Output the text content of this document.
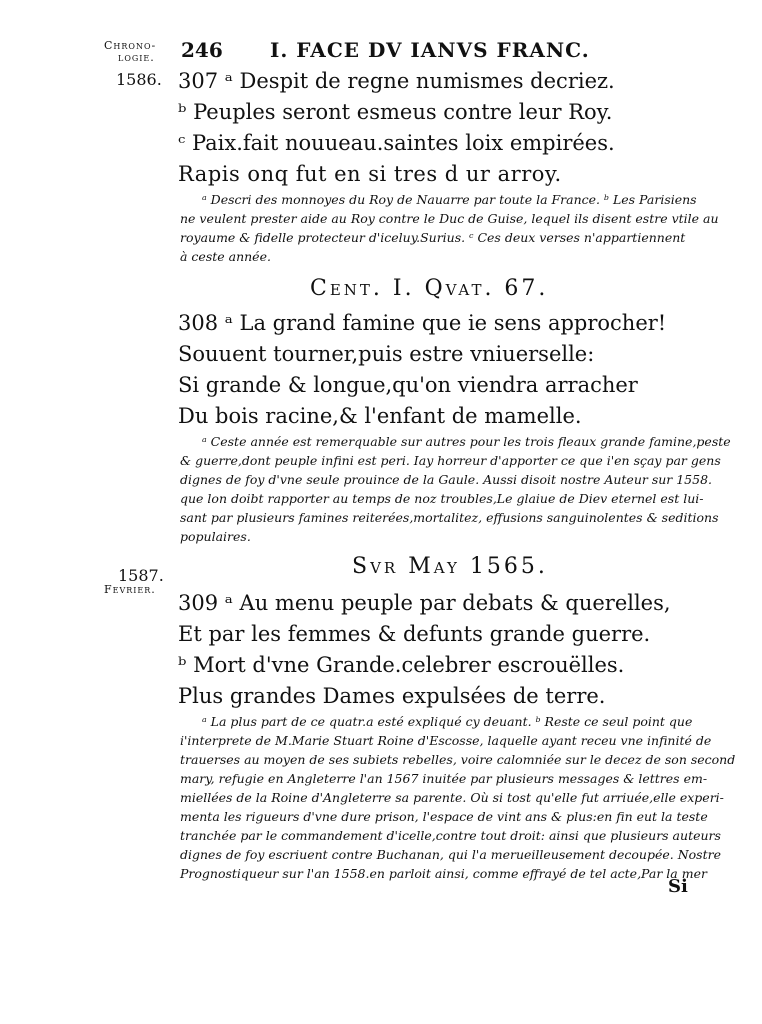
Chrono-
logie.
1586.
1587.
Fevrier.
246 I. FACE DV IANVS FRANC.
307 ᵃ Despit de regne numismes decriez.
ᵇ Peuples seront esmeus contre leur Roy.
ᶜ Paix.fait nouueau.saintes loix empirées.
Rapis onq fut en si tres d ur arroy.
ᵃ Descri des monnoyes du Roy de Nauarre par toute la France. ᵇ Les Parisiens
ne veulent prester aide au Roy contre le Duc de Guise, lequel ils disent estre vtile au
royaume & fidelle protecteur d'iceluy.Surius. ᶜ Ces deux verses n'appartiennent
à ceste année.
Cent. I. Qvat. 67.
308 ᵃ La grand famine que ie sens approcher!
Souuent tourner,puis estre vniuerselle:
Si grande & longue,qu'on viendra arracher
Du bois racine,& l'enfant de mamelle.
ᵃ Ceste année est remerquable sur autres pour les trois fleaux grande famine,peste
& guerre,dont peuple infini est peri. Iay horreur d'apporter ce que i'en sçay par gens
dignes de foy d'vne seule prouince de la Gaule. Aussi disoit nostre Auteur sur 1558.
que lon doibt rapporter au temps de noz troubles,Le glaiue de Diev eternel est lui-
sant par plusieurs famines reiterées,mortalitez, effusions sanguinolentes & seditions
populaires.
Svr May 1565.
309 ᵃ Au menu peuple par debats & querelles,
Et par les femmes & defunts grande guerre.
ᵇ Mort d'vne Grande.celebrer escrouëlles.
Plus grandes Dames expulsées de terre.
ᵃ La plus part de ce quatr.a esté expliqué cy deuant. ᵇ Reste ce seul point que
i'interprete de M.Marie Stuart Roine d'Escosse, laquelle ayant receu vne infinité de
trauerses au moyen de ses subiets rebelles, voire calomniée sur le decez de son second
mary, refugie en Angleterre l'an 1567 inuitée par plusieurs messages & lettres em-
miellées de la Roine d'Angleterre sa parente. Où si tost qu'elle fut arriuée,elle experi-
menta les rigueurs d'vne dure prison, l'espace de vint ans & plus:en fin eut la teste
tranchée par le commandement d'icelle,contre tout droit: ainsi que plusieurs auteurs
dignes de foy escriuent contre Buchanan, qui l'a merueilleusement decoupée. Nostre
Prognostiqueur sur l'an 1558.en parloit ainsi, comme effrayé de tel acte,Par la mer
Si
